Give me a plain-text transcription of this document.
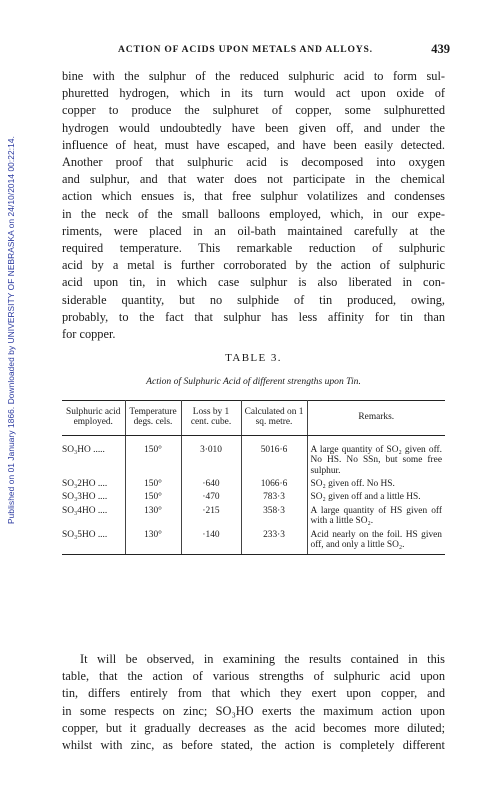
Published on 01 January 1866. Downloaded by UNIVERSITY OF NEBRASKA on 24/10/2014 00:22:14.
ACTION OF ACIDS UPON METALS AND ALLOYS.	439
bine with the sulphur of the reduced sulphuric acid to form sul-
phuretted hydrogen, which in its turn would act upon oxide of
copper to produce the sulphuret of copper, some sulphuretted
hydrogen would undoubtedly have been given off, and under the
influence of heat, must have escaped, and have been easily detected.
Another proof that sulphuric acid is decomposed into oxygen
and sulphur, and that water does not participate in the chemical
action which ensues is, that free sulphur volatilizes and condenses
in the neck of the small balloons employed, which, in our expe-
riments, were placed in an oil-bath maintained carefully at the
required temperature. This remarkable reduction of sulphuric
acid by a metal is further corroborated by the action of sulphuric
acid upon tin, in which case sulphur is also liberated in con-
siderable quantity, but no sulphide of tin produced, owing,
probably, to the fact that sulphur has less affinity for tin than
for copper.
TABLE 3.
Action of Sulphuric Acid of different strengths upon Tin.
Sulphuric acid employed.	Temperature degs. cels.	Loss by 1 cent. cube.	Calculated on 1 sq. metre.	Remarks.
SO₃HO .....	150°	3·010	5016·6	A large quantity of SO₂ given off. No HS. No SSn, but some free sulphur.
SO₃2HO ....	150°	·640	1066·6	SO₂ given off. No HS.
SO₃3HO ....	150°	·470	783·3	SO₂ given off and a little HS.
SO₃4HO ....	130°	·215	358·3	A large quantity of HS given off with a little SO₂.
SO₃5HO ....	130°	·140	233·3	Acid nearly on the foil. HS given off, and only a little SO₂.
It will be observed, in examining the results contained in this
table, that the action of various strengths of sulphuric acid upon
tin, differs entirely from that which they exert upon copper, and
in some respects on zinc; SO₃HO exerts the maximum action upon
copper, but it gradually decreases as the acid becomes more diluted;
whilst with zinc, as before stated, the action is completely different
